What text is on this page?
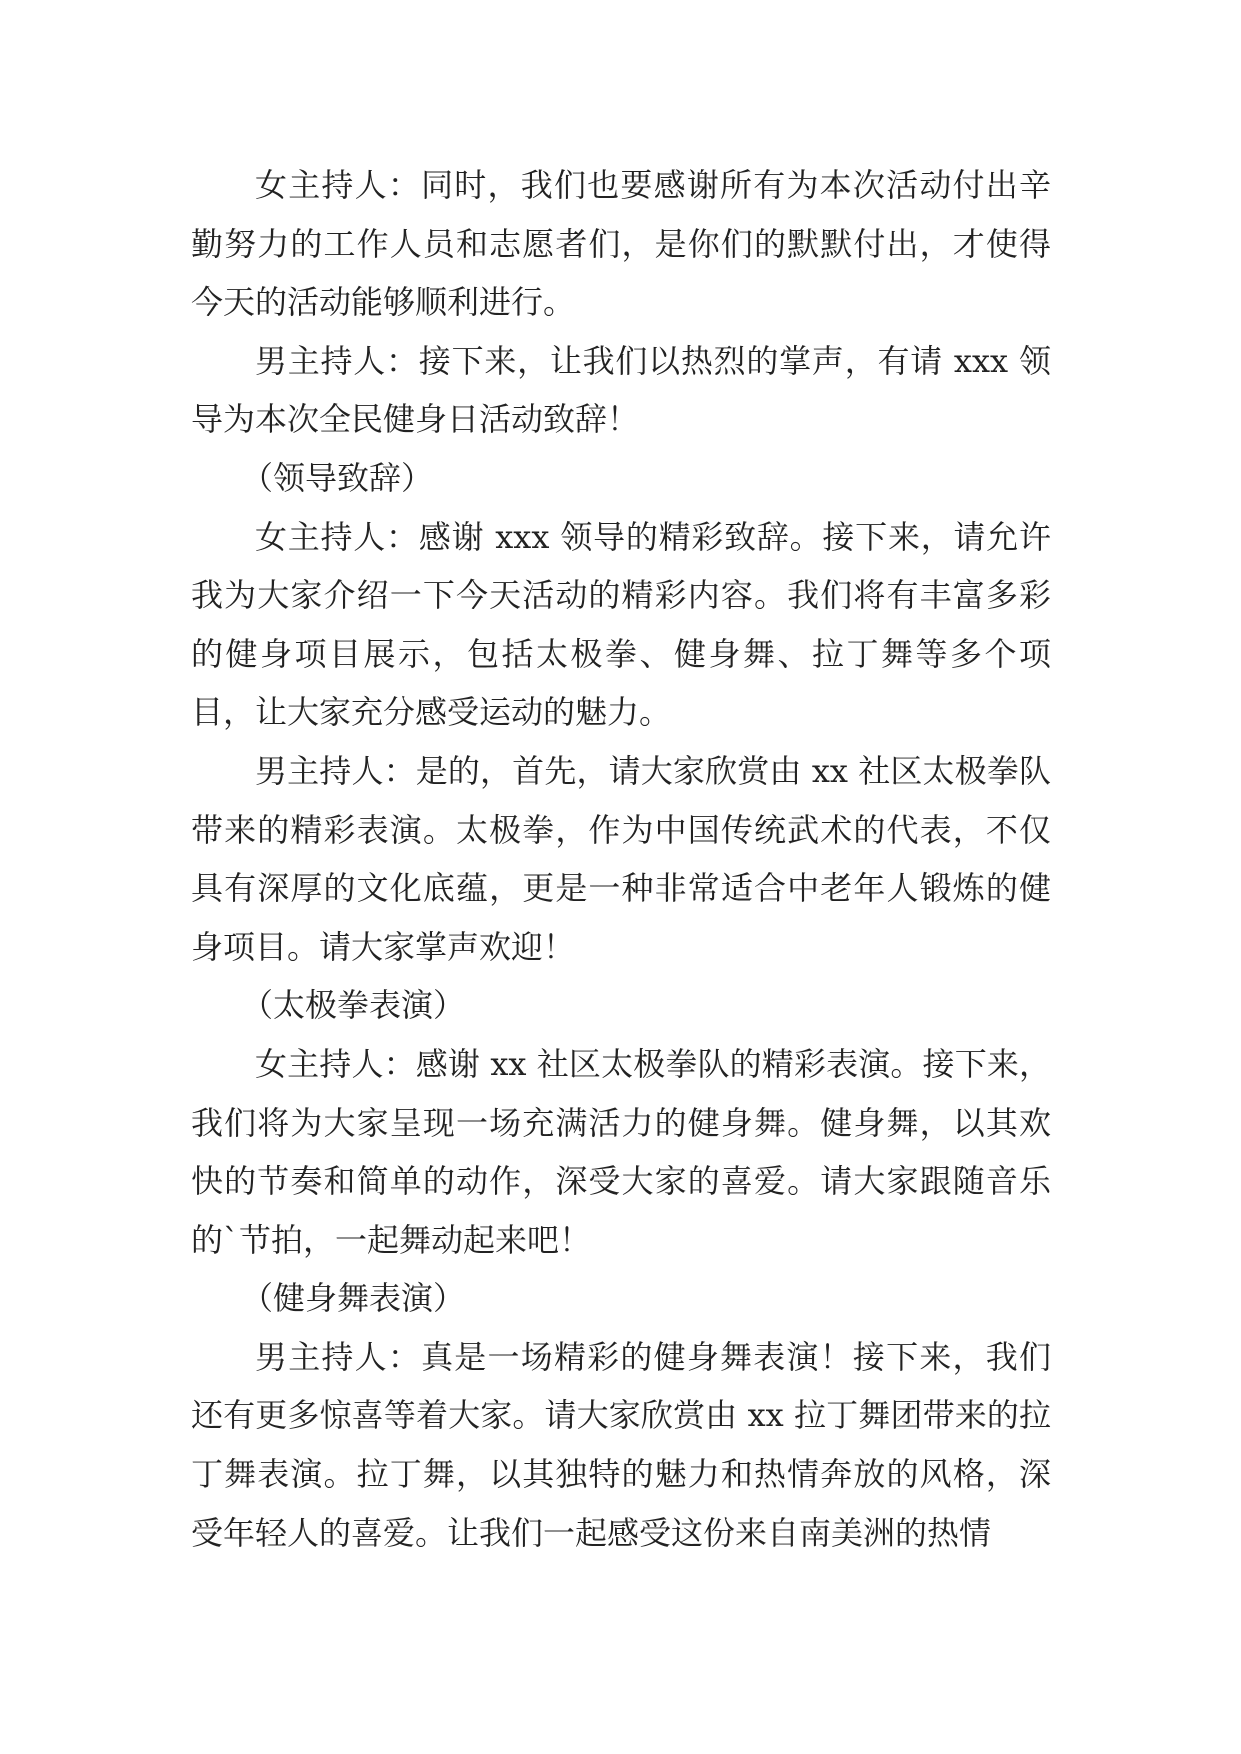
女主持人：同时，我们也要感谢所有为本次活动付出辛勤努力的工作人员和志愿者们，是你们的默默付出，才使得今天的活动能够顺利进行。

男主持人：接下来，让我们以热烈的掌声，有请 xxx 领导为本次全民健身日活动致辞！

（领导致辞）

女主持人：感谢 xxx 领导的精彩致辞。接下来，请允许我为大家介绍一下今天活动的精彩内容。我们将有丰富多彩的健身项目展示，包括太极拳、健身舞、拉丁舞等多个项目，让大家充分感受运动的魅力。

男主持人：是的，首先，请大家欣赏由 xx 社区太极拳队带来的精彩表演。太极拳，作为中国传统武术的代表，不仅具有深厚的文化底蕴，更是一种非常适合中老年人锻炼的健身项目。请大家掌声欢迎！

（太极拳表演）

女主持人：感谢 xx 社区太极拳队的精彩表演。接下来，我们将为大家呈现一场充满活力的健身舞。健身舞，以其欢快的节奏和简单的动作，深受大家的喜爱。请大家跟随音乐的`节拍，一起舞动起来吧！

（健身舞表演）

男主持人：真是一场精彩的健身舞表演！接下来，我们还有更多惊喜等着大家。请大家欣赏由 xx 拉丁舞团带来的拉丁舞表演。拉丁舞，以其独特的魅力和热情奔放的风格，深受年轻人的喜爱。让我们一起感受这份来自南美洲的热情
